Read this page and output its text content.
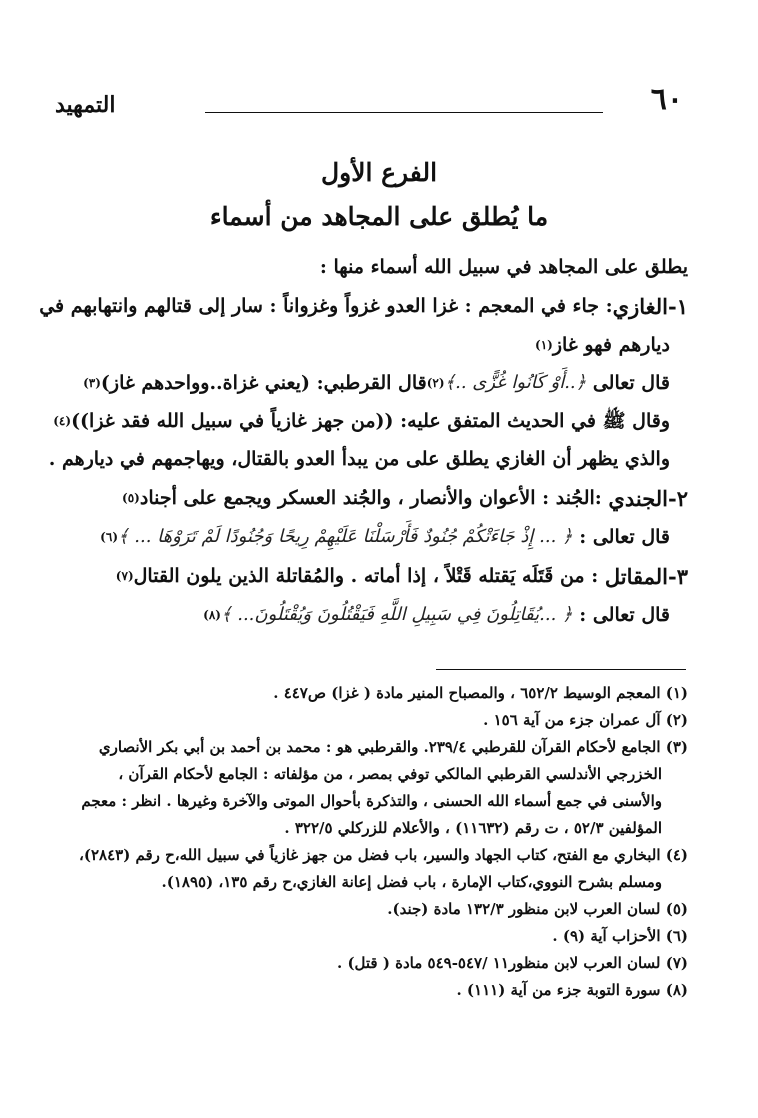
٦٠
التمهيد
الفرع الأول
ما يُطلق على المجاهد من أسماء
يطلق على المجاهد في سبيل الله أسماء منها :
١-الغازي
: جاء في المعجم : غزا العدو غزواً وغزواناً : سار إلى قتالهم وانتهابهم في
ديارهم فهو غاز
(١)
قال تعالى

﴿..أَوْ كَانُوا غُزًّى ..﴾
(٢)
قال القرطبي: (يعني غزاة..وواحدهم غاز)
(٣)
وقال ﷺ في الحديث المتفق عليه: ((من جهز غازياً في سبيل الله فقد غزا))
(٤)
والذي يظهر أن الغازي يطلق على من يبدأ العدو بالقتال، ويهاجمهم في ديارهم .
٢-الجندي

:الجُند : الأعوان والأنصار ، والجُند العسكر ويجمع على أجناد
(٥)
قال تعالى :

﴿ ... إِذْ جَاءَتْكُمْ جُنُودٌ فَأَرْسَلْنَا عَلَيْهِمْ رِيحًا وَجُنُودًا لَمْ تَرَوْهَا ... ﴾
(٦)
٣-المقاتل

: من قَتَلَه يَقتله قَتْلاً ، إذا أماته . والمُقاتلة الذين يلون القتال
(٧)
قال تعالى :

﴿ ...يُقَاتِلُونَ فِي سَبِيلِ اللَّهِ فَيَقْتُلُونَ وَيُقْتَلُونَ... ﴾
(٨)
(١) المعجم الوسيط ٦٥٢/٢ ، والمصباح المنير مادة ( غزا) ص٤٤٧ .
(٢) آل عمران جزء من آية ١٥٦ .
(٣) الجامع لأحكام القرآن للقرطبي ٢٣٩/٤. والقرطبي هو : محمد بن أحمد بن أبي بكر الأنصاري
الخزرجي الأندلسي القرطبي المالكي توفي بمصر ، من مؤلفاته : الجامع لأحكام القرآن ،
والأسنى في جمع أسماء الله الحسنى ، والتذكرة بأحوال الموتى والآخرة وغيرها . انظر : معجم
المؤلفين ٥٢/٣ ، ت رقم (١١٦٣٢) ، والأعلام للزركلي ٣٢٢/٥ .
(٤) البخاري مع الفتح، كتاب الجهاد والسير، باب فضل من جهز غازياً في سبيل الله،ح رقم (٢٨٤٣)،
ومسلم بشرح النووي،كتاب الإمارة ، باب فضل إعانة الغازي،ح رقم ١٣٥، (١٨٩٥).
(٥) لسان العرب لابن منظور ١٣٢/٣ مادة (جند).
(٦) الأحزاب آية (٩) .
(٧) لسان العرب لابن منظور١١ /٥٤٧-٥٤٩ مادة ( قتل) .
(٨) سورة التوبة جزء من آية (١١١) .
